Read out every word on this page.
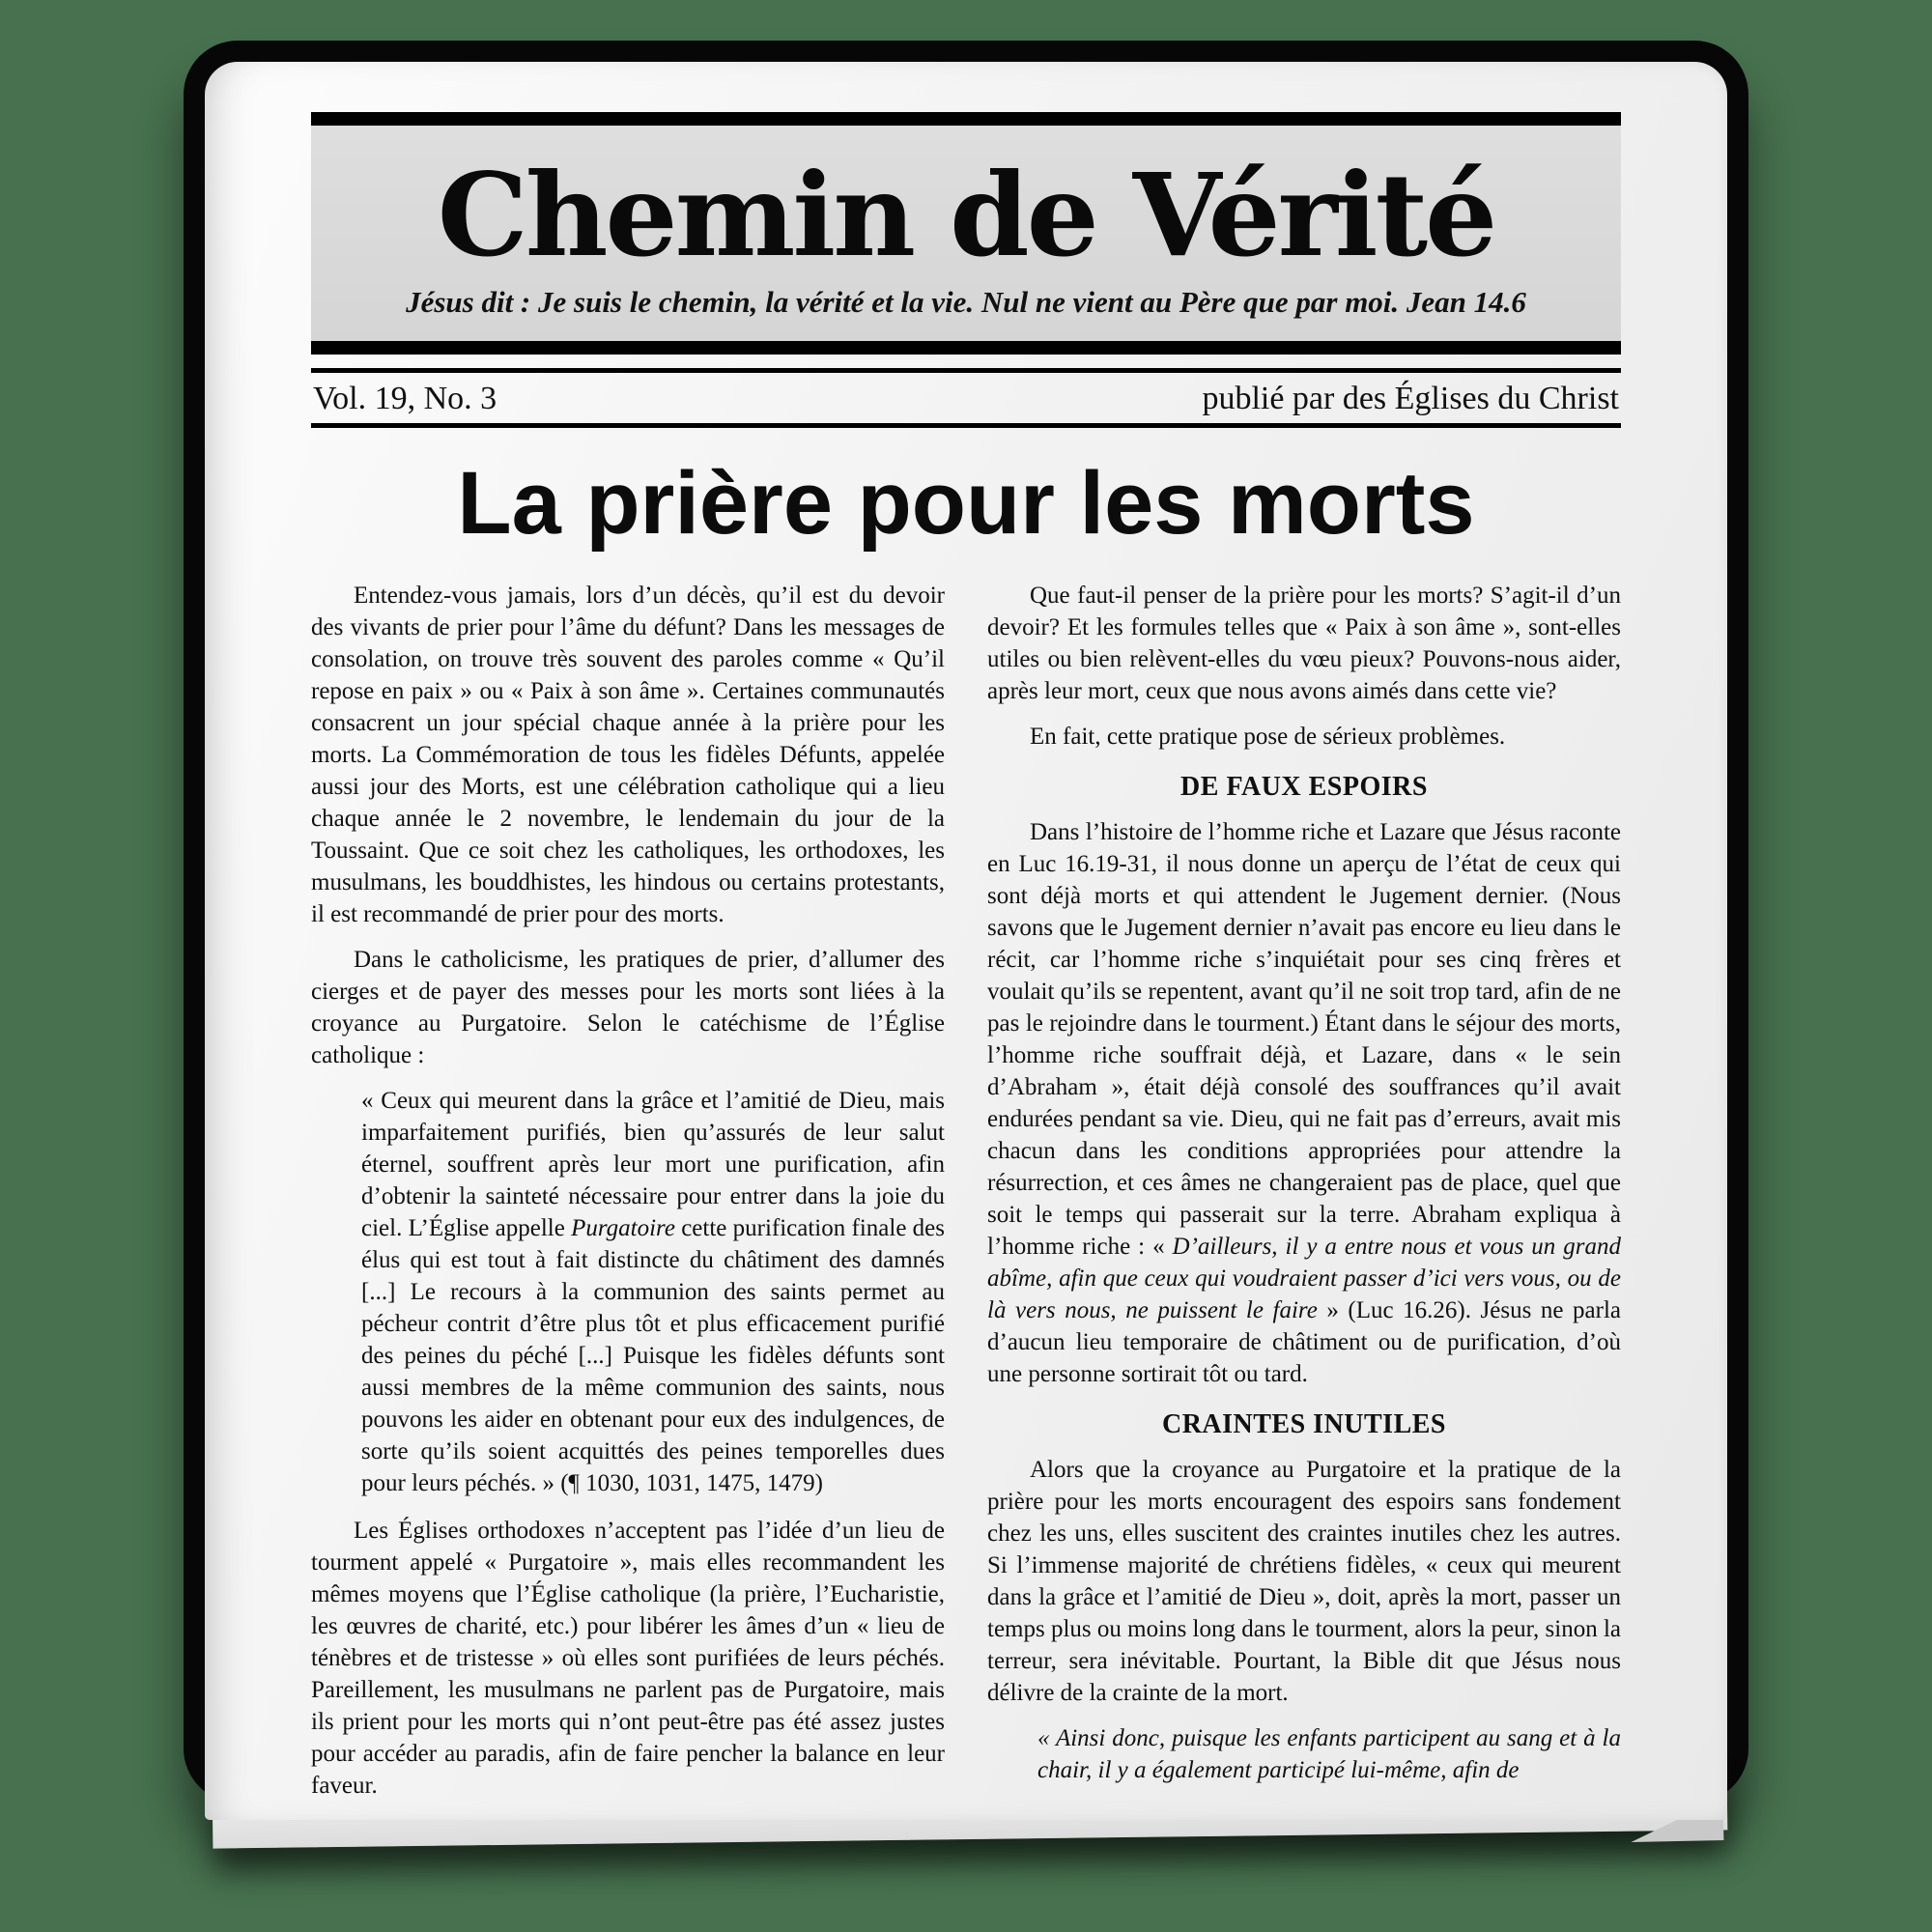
Chemin de Vérité
Jésus dit : Je suis le chemin, la vérité et la vie. Nul ne vient au Père que par moi. Jean 14.6
Vol. 19, No. 3	publié par des Églises du Christ
La prière pour les morts

Entendez-vous jamais, lors d’un décès, qu’il est du devoir des vivants de prier pour l’âme du défunt? Dans les messages de consolation, on trouve très souvent des paroles comme « Qu’il repose en paix » ou « Paix à son âme ». Certaines communautés consacrent un jour spécial chaque année à la prière pour les morts. La Commémoration de tous les fidèles Défunts, appelée aussi jour des Morts, est une célébration catholique qui a lieu chaque année le 2 novembre, le lendemain du jour de la Toussaint. Que ce soit chez les catholiques, les orthodoxes, les musulmans, les bouddhistes, les hindous ou certains protestants, il est recommandé de prier pour des morts.

Dans le catholicisme, les pratiques de prier, d’allumer des cierges et de payer des messes pour les morts sont liées à la croyance au Purgatoire. Selon le catéchisme de l’Église catholique :

« Ceux qui meurent dans la grâce et l’amitié de Dieu, mais imparfaitement purifiés, bien qu’assurés de leur salut éternel, souffrent après leur mort une purification, afin d’obtenir la sainteté nécessaire pour entrer dans la joie du ciel. L’Église appelle Purgatoire cette purification finale des élus qui est tout à fait distincte du châtiment des damnés [...] Le recours à la communion des saints permet au pécheur contrit d’être plus tôt et plus efficacement purifié des peines du péché [...] Puisque les fidèles défunts sont aussi membres de la même communion des saints, nous pouvons les aider en obtenant pour eux des indulgences, de sorte qu’ils soient acquittés des peines temporelles dues pour leurs péchés. » (¶ 1030, 1031, 1475, 1479)

Les Églises orthodoxes n’acceptent pas l’idée d’un lieu de tourment appelé « Purgatoire », mais elles recommandent les mêmes moyens que l’Église catholique (la prière, l’Eucharistie, les œuvres de charité, etc.) pour libérer les âmes d’un « lieu de ténèbres et de tristesse » où elles sont purifiées de leurs péchés. Pareillement, les musulmans ne parlent pas de Purgatoire, mais ils prient pour les morts qui n’ont peut-être pas été assez justes pour accéder au paradis, afin de faire pencher la balance en leur faveur.

Que faut-il penser de la prière pour les morts? S’agit-il d’un devoir? Et les formules telles que « Paix à son âme », sont-elles utiles ou bien relèvent-elles du vœu pieux? Pouvons-nous aider, après leur mort, ceux que nous avons aimés dans cette vie?

En fait, cette pratique pose de sérieux problèmes.

DE FAUX ESPOIRS

Dans l’histoire de l’homme riche et Lazare que Jésus raconte en Luc 16.19-31, il nous donne un aperçu de l’état de ceux qui sont déjà morts et qui attendent le Jugement dernier. (Nous savons que le Jugement dernier n’avait pas encore eu lieu dans le récit, car l’homme riche s’inquiétait pour ses cinq frères et voulait qu’ils se repentent, avant qu’il ne soit trop tard, afin de ne pas le rejoindre dans le tourment.) Étant dans le séjour des morts, l’homme riche souffrait déjà, et Lazare, dans « le sein d’Abraham », était déjà consolé des souffrances qu’il avait endurées pendant sa vie. Dieu, qui ne fait pas d’erreurs, avait mis chacun dans les conditions appropriées pour attendre la résurrection, et ces âmes ne changeraient pas de place, quel que soit le temps qui passerait sur la terre. Abraham expliqua à l’homme riche : « D’ailleurs, il y a entre nous et vous un grand abîme, afin que ceux qui voudraient passer d’ici vers vous, ou de là vers nous, ne puissent le faire » (Luc 16.26). Jésus ne parla d’aucun lieu temporaire de châtiment ou de purification, d’où une personne sortirait tôt ou tard.

CRAINTES INUTILES

Alors que la croyance au Purgatoire et la pratique de la prière pour les morts encouragent des espoirs sans fondement chez les uns, elles suscitent des craintes inutiles chez les autres. Si l’immense majorité de chrétiens fidèles, « ceux qui meurent dans la grâce et l’amitié de Dieu », doit, après la mort, passer un temps plus ou moins long dans le tourment, alors la peur, sinon la terreur, sera inévitable. Pourtant, la Bible dit que Jésus nous délivre de la crainte de la mort.

« Ainsi donc, puisque les enfants participent au sang et à la chair, il y a également participé lui-même, afin de
